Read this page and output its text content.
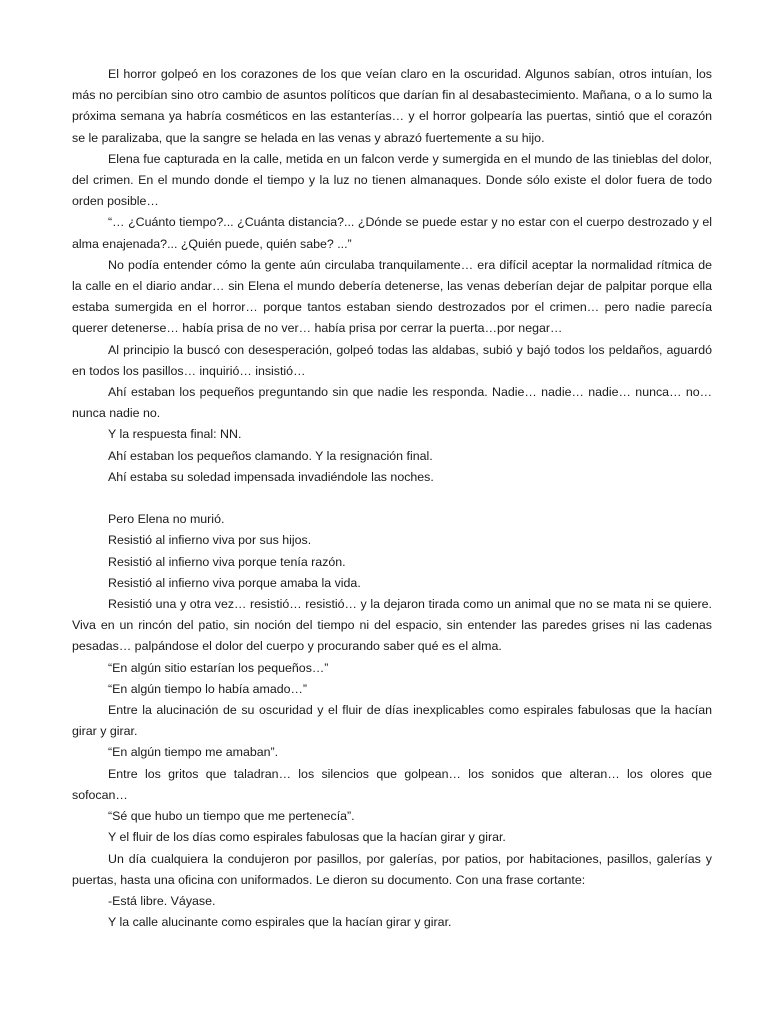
El horror golpeó en los corazones de los que veían claro en la oscuridad. Algunos sabían, otros intuían, los más no percibían sino otro cambio de asuntos políticos que darían fin al desabastecimiento. Mañana, o a lo sumo la próxima semana ya habría cosméticos en las estanterías… y el horror golpearía las puertas, sintió que el corazón se le paralizaba, que la sangre se helada en las venas y abrazó fuertemente a su hijo.

Elena fue capturada en la calle, metida en un falcon verde y sumergida en el mundo de las tinieblas del dolor, del crimen. En el mundo donde el tiempo y la luz no tienen almanaques. Donde sólo existe el dolor fuera de todo orden posible…

“… ¿Cuánto tiempo?... ¿Cuánta distancia?... ¿Dónde se puede estar y no estar con el cuerpo destrozado y el alma enajenada?... ¿Quién puede, quién sabe? ...”

No podía entender cómo la gente aún circulaba tranquilamente… era difícil aceptar la normalidad rítmica de la calle en el diario andar… sin Elena el mundo debería detenerse, las venas deberían dejar de palpitar porque ella estaba sumergida en el horror… porque tantos estaban siendo destrozados por el crimen… pero nadie parecía querer detenerse… había prisa de no ver… había prisa por cerrar la puerta…por negar…

Al principio la buscó con desesperación, golpeó todas las aldabas, subió y bajó todos los peldaños, aguardó en todos los pasillos… inquirió… insistió…

Ahí estaban los pequeños preguntando sin que nadie les responda. Nadie… nadie… nadie… nunca… no… nunca nadie no.

Y la respuesta final: NN.

Ahí estaban los pequeños clamando. Y la resignación final.

Ahí estaba su soledad impensada invadiéndole las noches.

Pero Elena no murió.

Resistió al infierno viva por sus hijos.

Resistió al infierno viva porque tenía razón.

Resistió al infierno viva porque amaba la vida.

Resistió una y otra vez… resistió… resistió… y la dejaron tirada como un animal que no se mata ni se quiere. Viva en un rincón del patio, sin noción del tiempo ni del espacio, sin entender las paredes grises ni las cadenas pesadas… palpándose el dolor del cuerpo y procurando saber qué es el alma.

“En algún sitio estarían los pequeños…”

“En algún tiempo lo había amado…”

Entre la alucinación de su oscuridad y el fluir de días inexplicables como espirales fabulosas que la hacían girar y girar.

“En algún tiempo me amaban”.

Entre los gritos que taladran… los silencios que golpean… los sonidos que alteran… los olores que sofocan…

“Sé que hubo un tiempo que me pertenecía”.

Y el fluir de los días como espirales fabulosas que la hacían girar y girar.

Un día cualquiera la condujeron por pasillos, por galerías, por patios, por habitaciones, pasillos, galerías y puertas, hasta una oficina con uniformados. Le dieron su documento. Con una frase cortante:

-Está libre. Váyase.

Y la calle alucinante como espirales que la hacían girar y girar.
